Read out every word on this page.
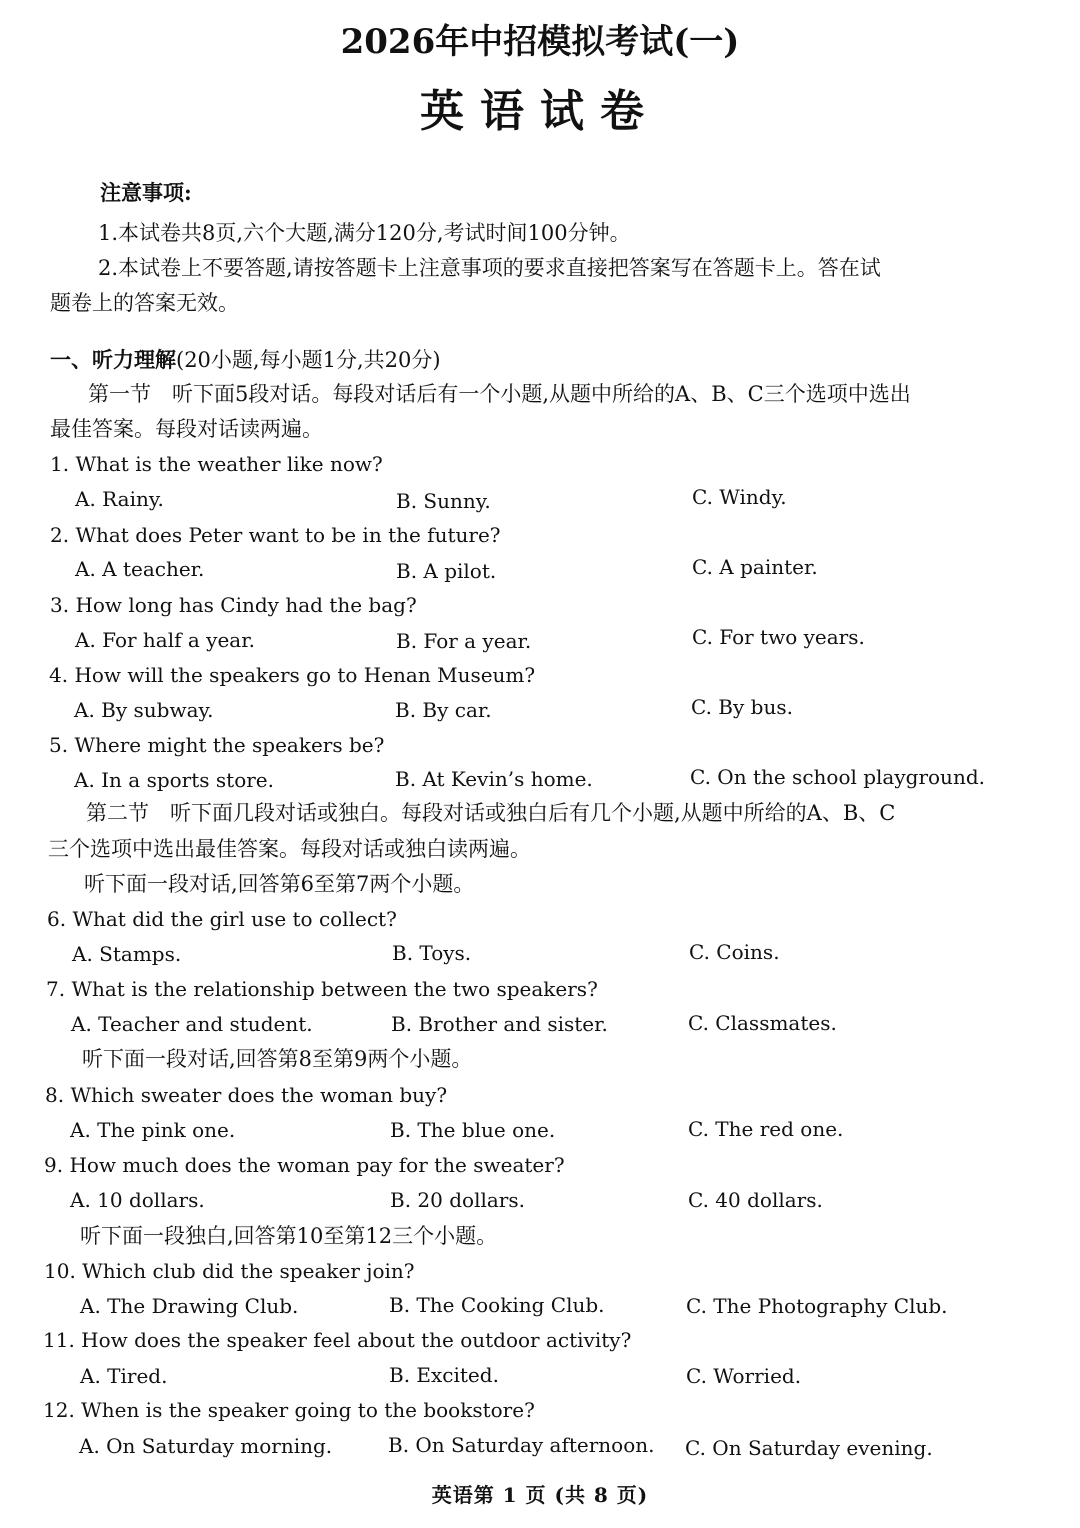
2026年中招模拟考试(一)
英语试卷
注意事项:
1.本试卷共8页,六个大题,满分120分,考试时间100分钟。
2.本试卷上不要答题,请按答题卡上注意事项的要求直接把答案写在答题卡上。答在试
题卷上的答案无效。
一、听力理解(20小题,每小题1分,共20分)
第一节　听下面5段对话。每段对话后有一个小题,从题中所给的A、B、C三个选项中选出
最佳答案。每段对话读两遍。
1. What is the weather like now?
A. Rainy.	B. Sunny.	C. Windy.
2. What does Peter want to be in the future?
A. A teacher.	B. A pilot.	C. A painter.
3. How long has Cindy had the bag?
A. For half a year.	B. For a year.	C. For two years.
4. How will the speakers go to Henan Museum?
A. By subway.	B. By car.	C. By bus.
5. Where might the speakers be?
A. In a sports store.	B. At Kevin’s home.	C. On the school playground.
第二节　听下面几段对话或独白。每段对话或独白后有几个小题,从题中所给的A、B、C
三个选项中选出最佳答案。每段对话或独白读两遍。
听下面一段对话,回答第6至第7两个小题。
6. What did the girl use to collect?
A. Stamps.	B. Toys.	C. Coins.
7. What is the relationship between the two speakers?
A. Teacher and student.	B. Brother and sister.	C. Classmates.
听下面一段对话,回答第8至第9两个小题。
8. Which sweater does the woman buy?
A. The pink one.	B. The blue one.	C. The red one.
9. How much does the woman pay for the sweater?
A. 10 dollars.	B. 20 dollars.	C. 40 dollars.
听下面一段独白,回答第10至第12三个小题。
10. Which club did the speaker join?
A. The Drawing Club.	B. The Cooking Club.	C. The Photography Club.
11. How does the speaker feel about the outdoor activity?
A. Tired.	B. Excited.	C. Worried.
12. When is the speaker going to the bookstore?
A. On Saturday morning.	B. On Saturday afternoon. C. On Saturday evening.
英语第 1 页 (共 8 页)
